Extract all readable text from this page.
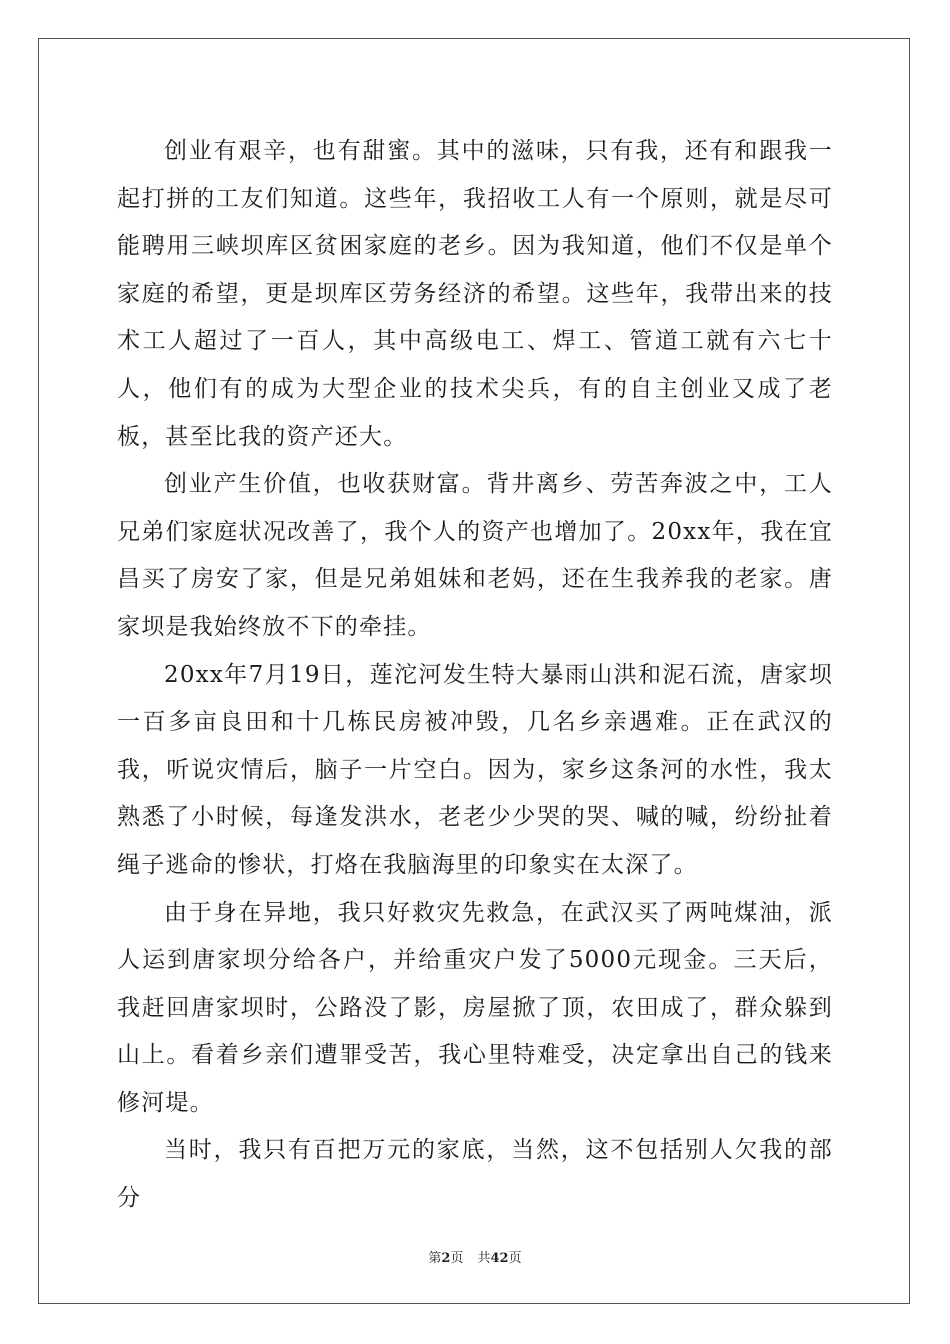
创业有艰辛，也有甜蜜。其中的滋味，只有我，还有和跟我一起打拼的工友们知道。这些年，我招收工人有一个原则，就是尽可能聘用三峡坝库区贫困家庭的老乡。因为我知道，他们不仅是单个家庭的希望，更是坝库区劳务经济的希望。这些年，我带出来的技术工人超过了一百人，其中高级电工、焊工、管道工就有六七十人，他们有的成为大型企业的技术尖兵，有的自主创业又成了老板，甚至比我的资产还大。

创业产生价值，也收获财富。背井离乡、劳苦奔波之中，工人兄弟们家庭状况改善了，我个人的资产也增加了。20xx年，我在宜昌买了房安了家，但是兄弟姐妹和老妈，还在生我养我的老家。唐家坝是我始终放不下的牵挂。

20xx年7月19日，莲沱河发生特大暴雨山洪和泥石流，唐家坝一百多亩良田和十几栋民房被冲毁，几名乡亲遇难。正在武汉的我，听说灾情后，脑子一片空白。因为，家乡这条河的水性，我太熟悉了小时候，每逢发洪水，老老少少哭的哭、喊的喊，纷纷扯着绳子逃命的惨状，打烙在我脑海里的印象实在太深了。

由于身在异地，我只好救灾先救急，在武汉买了两吨煤油，派人运到唐家坝分给各户，并给重灾户发了5000元现金。三天后，我赶回唐家坝时，公路没了影，房屋掀了顶，农田成了，群众躲到山上。看着乡亲们遭罪受苦，我心里特难受，决定拿出自己的钱来修河堤。

当时，我只有百把万元的家底，当然，这不包括别人欠我的部分

第2页 共42页
